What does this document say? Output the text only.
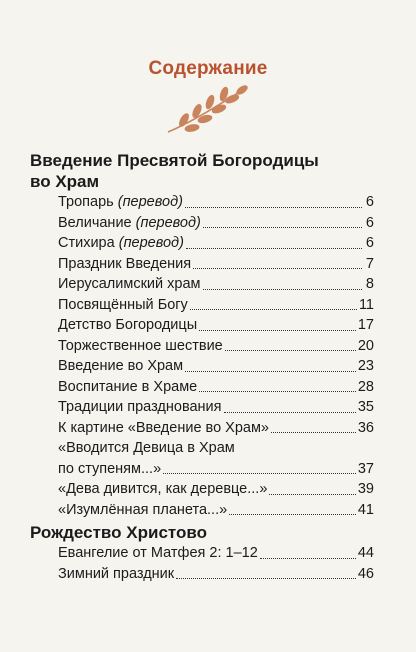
Содержание
Введение Пресвятой Богородицы
во Храм
Тропарь (перевод)	6
Величание (перевод)	6
Стихира (перевод)	6
Праздник Введения	7
Иерусалимский храм	8
Посвящённый Богу	11
Детство Богородицы	17
Торжественное шествие	20
Введение во Храм	23
Воспитание в Храме	28
Традиции празднования	35
К картине «Введение во Храм»	36
«Вводится Девица в Храм
по ступеням...»	37
«Дева дивится, как деревце...»	39
«Изумлённая планета...»	41
Рождество Христово
Евангелие от Матфея 2: 1–12	44
Зимний праздник	46
